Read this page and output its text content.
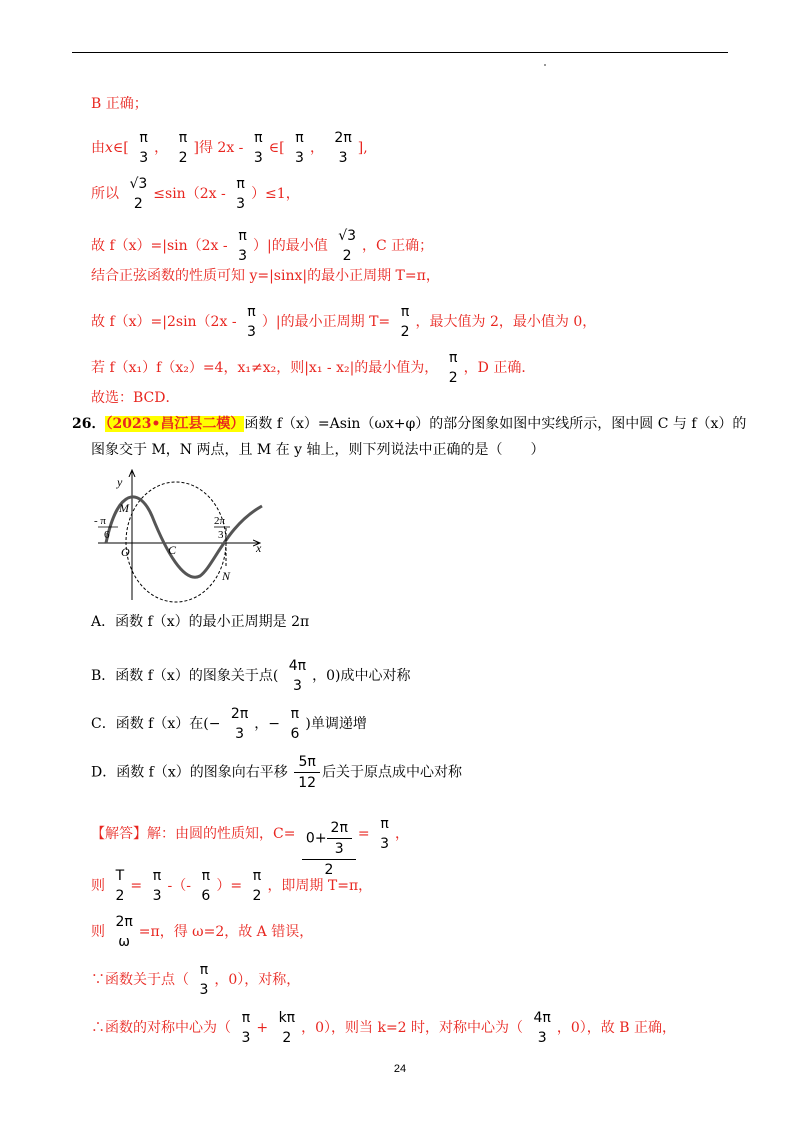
B 正确；
由x∈[
π
3
，
π
2
]得 2x -
π
3
∈[
π
3
，
2π
3
],
所以
√3
2
≤sin（2x -
π
3
）≤1，
故 f（x）=|sin（2x -
π
3
）|的最小值
√3
2
，C 正确；
结合正弦函数的性质可知 y=|sinx|的最小正周期 T=π，
故 f（x）=|2sin（2x -
π
3
）|的最小正周期 T=
π
2
，最大值为 2，最小值为 0，
若 f（x₁）f（x₂）=4，x₁≠x₂，则|x₁ - x₂|的最小值为，
π
2
，D 正确．
故选：BCD．
26．（2023•昌江县二模）函数 f（x）=Asin（ωx+φ）的部分图象如图中实线所示，图中圆 C 与 f（x）的
图象交于 M，N 两点，且 M 在 y 轴上，则下列说法中正确的是（　　）
y
x
O
M
N
C
- π
6
2π
3
A．函数 f（x）的最小正周期是 2π
B．函数 f（x）的图象关于点(
4π
3
，0)成中心对称
C．函数 f（x）在(−
2π
3
，−
π
6
)单调递增
D．函数 f（x）的图象向右平移 $\frac{5\pi}{12}$ 后关于原点成中心对称
【解答】解：由圆的性质知，$C= \frac{0+ \frac{2\pi}{3}}{2}$ =
π
3
，
则
T
2
=
π
3
-（-
π
6
）=
π
2
，即周期 T=π，
则
2π
ω
=π，得 ω=2，故 A 错误，
∵函数关于点（
π
3
，0），对称，
∴函数的对称中心为（
π
3
+
kπ
2
，0），则当 k=2 时，对称中心为（
4π
3
，0），故 B 正确，
24
